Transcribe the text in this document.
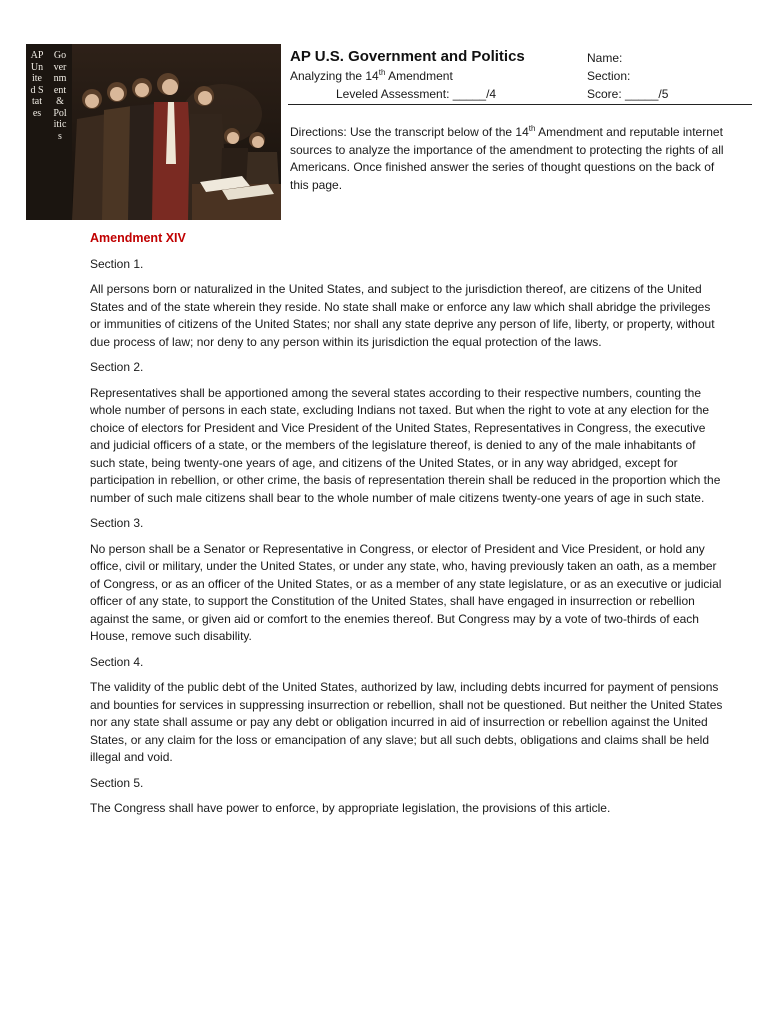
AP United States
Government & Politics
AP U.S. Government and Politics
Analyzing the 14th Amendment
Leveled Assessment: _____/4
Name:
Section:
Score: _____/5
Directions: Use the transcript below of the 14th Amendment and reputable internet sources to analyze the importance of the amendment to protecting the rights of all Americans. Once finished answer the series of thought questions on the back of this page.
Amendment XIV

Section 1.

All persons born or naturalized in the United States, and subject to the jurisdiction thereof, are citizens of the United States and of the state wherein they reside. No state shall make or enforce any law which shall abridge the privileges or immunities of citizens of the United States; nor shall any state deprive any person of life, liberty, or property, without due process of law; nor deny to any person within its jurisdiction the equal protection of the laws.

Section 2.

Representatives shall be apportioned among the several states according to their respective numbers, counting the whole number of persons in each state, excluding Indians not taxed. But when the right to vote at any election for the choice of electors for President and Vice President of the United States, Representatives in Congress, the executive and judicial officers of a state, or the members of the legislature thereof, is denied to any of the male inhabitants of such state, being twenty-one years of age, and citizens of the United States, or in any way abridged, except for participation in rebellion, or other crime, the basis of representation therein shall be reduced in the proportion which the number of such male citizens shall bear to the whole number of male citizens twenty-one years of age in such state.

Section 3.

No person shall be a Senator or Representative in Congress, or elector of President and Vice President, or hold any office, civil or military, under the United States, or under any state, who, having previously taken an oath, as a member of Congress, or as an officer of the United States, or as a member of any state legislature, or as an executive or judicial officer of any state, to support the Constitution of the United States, shall have engaged in insurrection or rebellion against the same, or given aid or comfort to the enemies thereof. But Congress may by a vote of two-thirds of each House, remove such disability.

Section 4.

The validity of the public debt of the United States, authorized by law, including debts incurred for payment of pensions and bounties for services in suppressing insurrection or rebellion, shall not be questioned. But neither the United States nor any state shall assume or pay any debt or obligation incurred in aid of insurrection or rebellion against the United States, or any claim for the loss or emancipation of any slave; but all such debts, obligations and claims shall be held illegal and void.

Section 5.

The Congress shall have power to enforce, by appropriate legislation, the provisions of this article.
